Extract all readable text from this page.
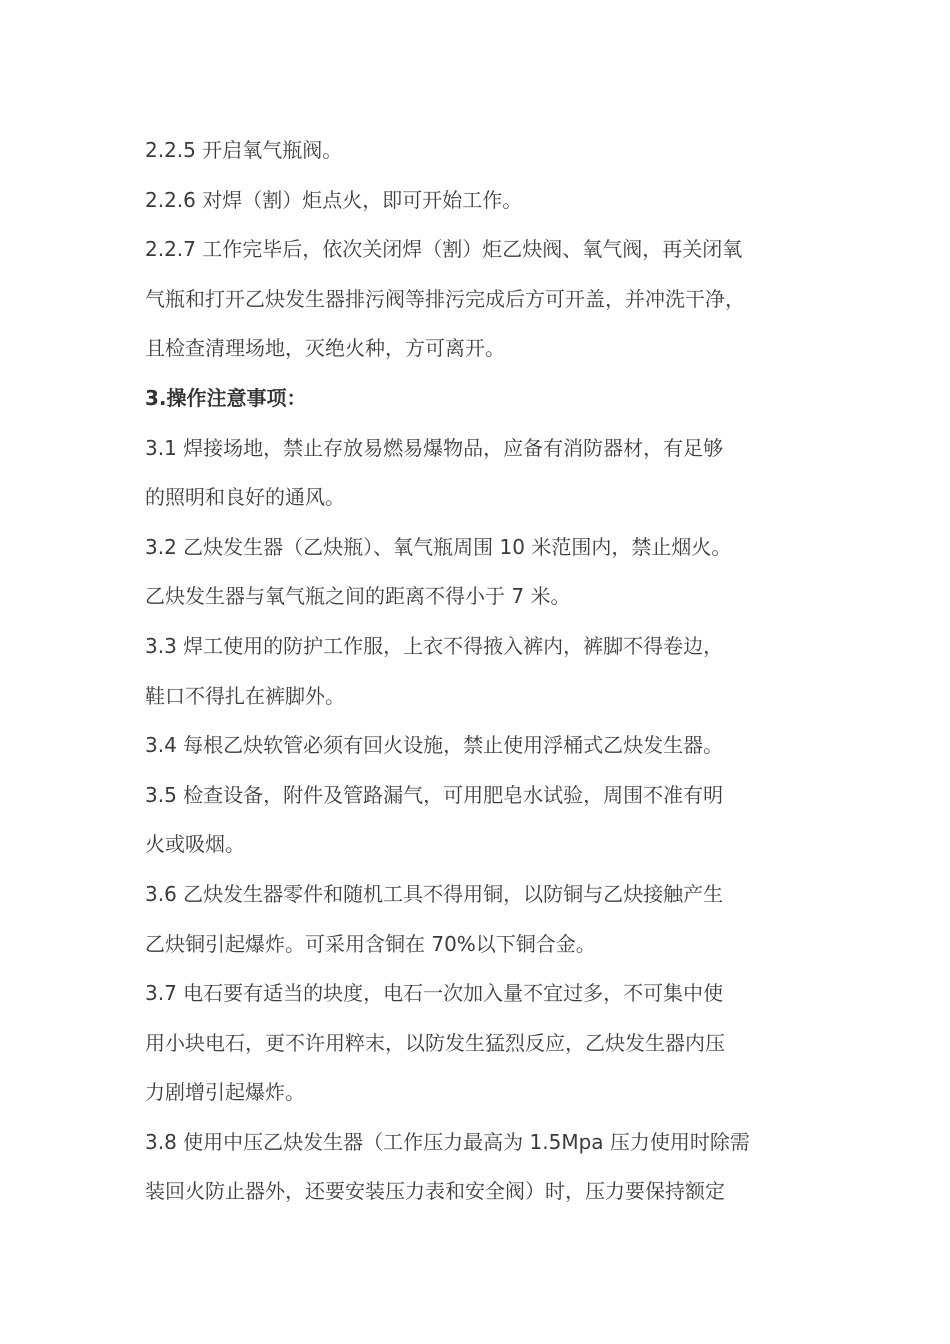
2.2.5 开启氧气瓶阀。
2.2.6 对焊（割）炬点火，即可开始工作。
2.2.7 工作完毕后，依次关闭焊（割）炬乙炔阀、氧气阀，再关闭氧
气瓶和打开乙炔发生器排污阀等排污完成后方可开盖，并冲洗干净，
且检查清理场地，灭绝火种，方可离开。
3.操作注意事项：
3.1 焊接场地，禁止存放易燃易爆物品，应备有消防器材，有足够
的照明和良好的通风。
3.2 乙炔发生器（乙炔瓶）、氧气瓶周围 10 米范围内，禁止烟火。
乙炔发生器与氧气瓶之间的距离不得小于 7 米。
3.3 焊工使用的防护工作服，上衣不得掖入裤内，裤脚不得卷边，
鞋口不得扎在裤脚外。
3.4 每根乙炔软管必须有回火设施，禁止使用浮桶式乙炔发生器。
3.5 检查设备，附件及管路漏气，可用肥皂水试验，周围不准有明
火或吸烟。
3.6 乙炔发生器零件和随机工具不得用铜，以防铜与乙炔接触产生
乙炔铜引起爆炸。可采用含铜在 70%以下铜合金。
3.7 电石要有适当的块度，电石一次加入量不宜过多，不可集中使
用小块电石，更不许用粹末，以防发生猛烈反应，乙炔发生器内压
力剧增引起爆炸。
3.8 使用中压乙炔发生器（工作压力最高为 1.5Mpa 压力使用时除需
装回火防止器外，还要安装压力表和安全阀）时，压力要保持额定
